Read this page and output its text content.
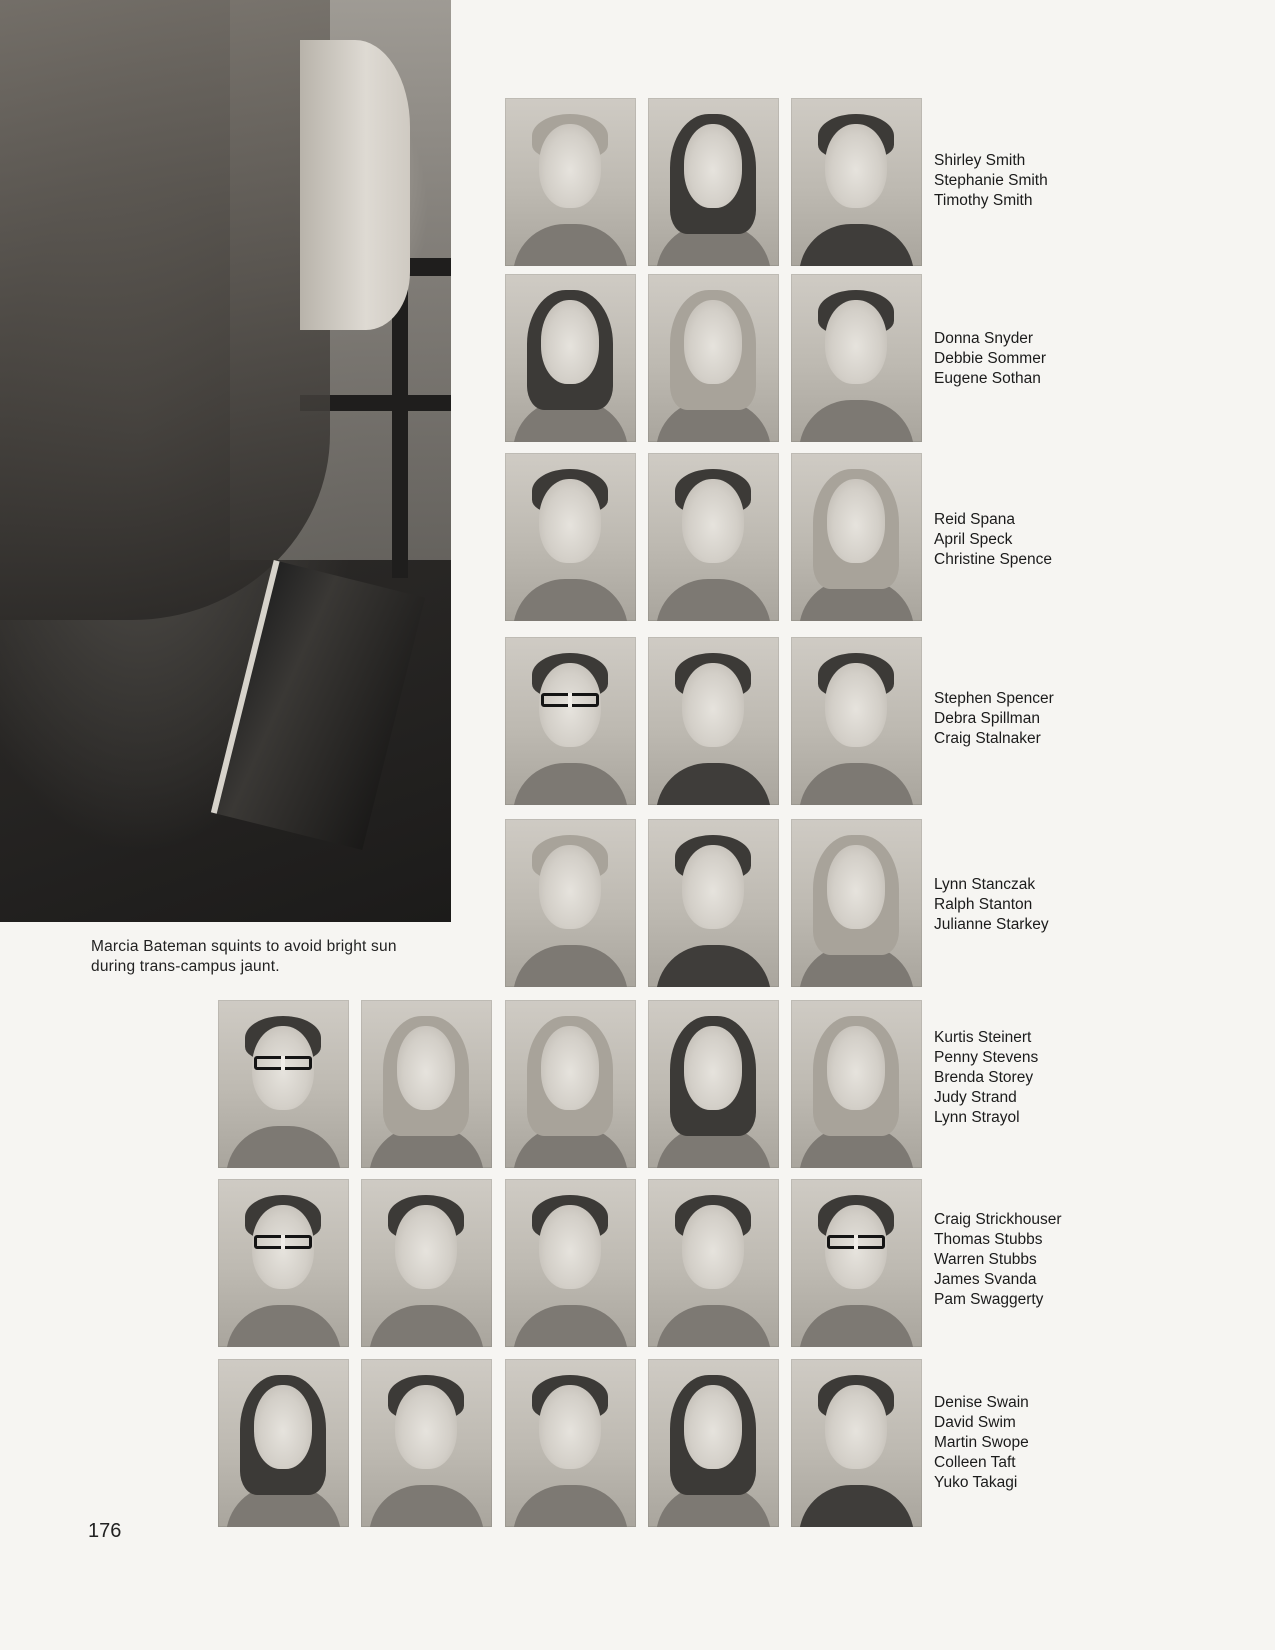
Marcia Bateman squints to avoid bright sun
during trans-campus jaunt.
Shirley Smith
Stephanie Smith
Timothy Smith
Donna Snyder
Debbie Sommer
Eugene Sothan
Reid Spana
April Speck
Christine Spence
Stephen Spencer
Debra Spillman
Craig Stalnaker
Lynn Stanczak
Ralph Stanton
Julianne Starkey
Kurtis Steinert
Penny Stevens
Brenda Storey
Judy Strand
Lynn Strayol
Craig Strickhouser
Thomas Stubbs
Warren Stubbs
James Svanda
Pam Swaggerty
Denise Swain
David Swim
Martin Swope
Colleen Taft
Yuko Takagi
176
